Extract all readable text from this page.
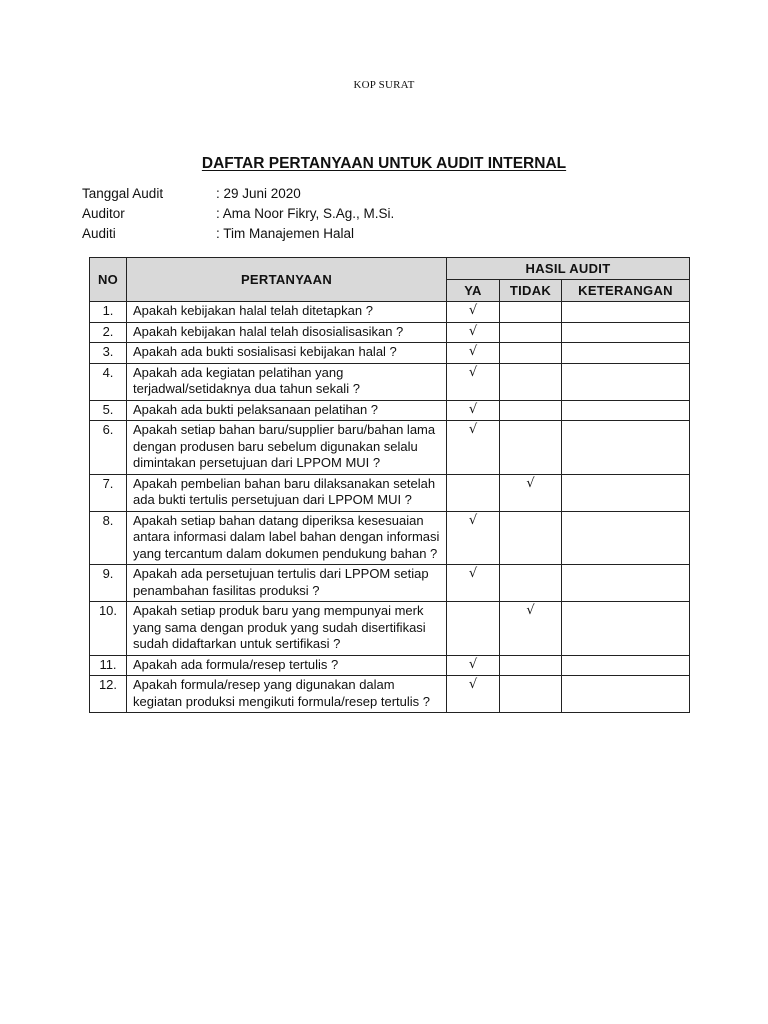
KOP SURAT
DAFTAR PERTANYAAN UNTUK AUDIT INTERNAL
Tanggal Audit	: 29 Juni 2020
Auditor	: Ama Noor Fikry, S.Ag., M.Si.
Auditi	: Tim Manajemen Halal
NO	PERTANYAAN	HASIL AUDIT		
		YA	TIDAK	KETERANGAN
1.	Apakah kebijakan halal telah ditetapkan ?	√		
2.	Apakah kebijakan halal telah disosialisasikan ?	√		
3.	Apakah ada bukti sosialisasi kebijakan halal ?	√		
4.	Apakah ada kegiatan pelatihan yang terjadwal/setidaknya dua tahun sekali ?	√		
5.	Apakah ada bukti pelaksanaan pelatihan ?	√		
6.	Apakah setiap bahan baru/supplier baru/bahan lama dengan produsen baru sebelum digunakan selalu dimintakan persetujuan dari LPPOM MUI ?	√		
7.	Apakah pembelian bahan baru dilaksanakan setelah ada bukti tertulis persetujuan dari LPPOM MUI ?		√	
8.	Apakah setiap bahan datang diperiksa kesesuaian antara informasi dalam label bahan dengan informasi yang tercantum dalam dokumen pendukung bahan ?	√		
9.	Apakah ada persetujuan tertulis dari LPPOM setiap penambahan fasilitas produksi ?	√		
10.	Apakah setiap produk baru yang mempunyai merk yang sama dengan produk yang sudah disertifikasi sudah didaftarkan untuk sertifikasi ?		√	
11.	Apakah ada formula/resep tertulis ?	√		
12.	Apakah formula/resep yang digunakan dalam kegiatan produksi mengikuti formula/resep tertulis ?	√		
